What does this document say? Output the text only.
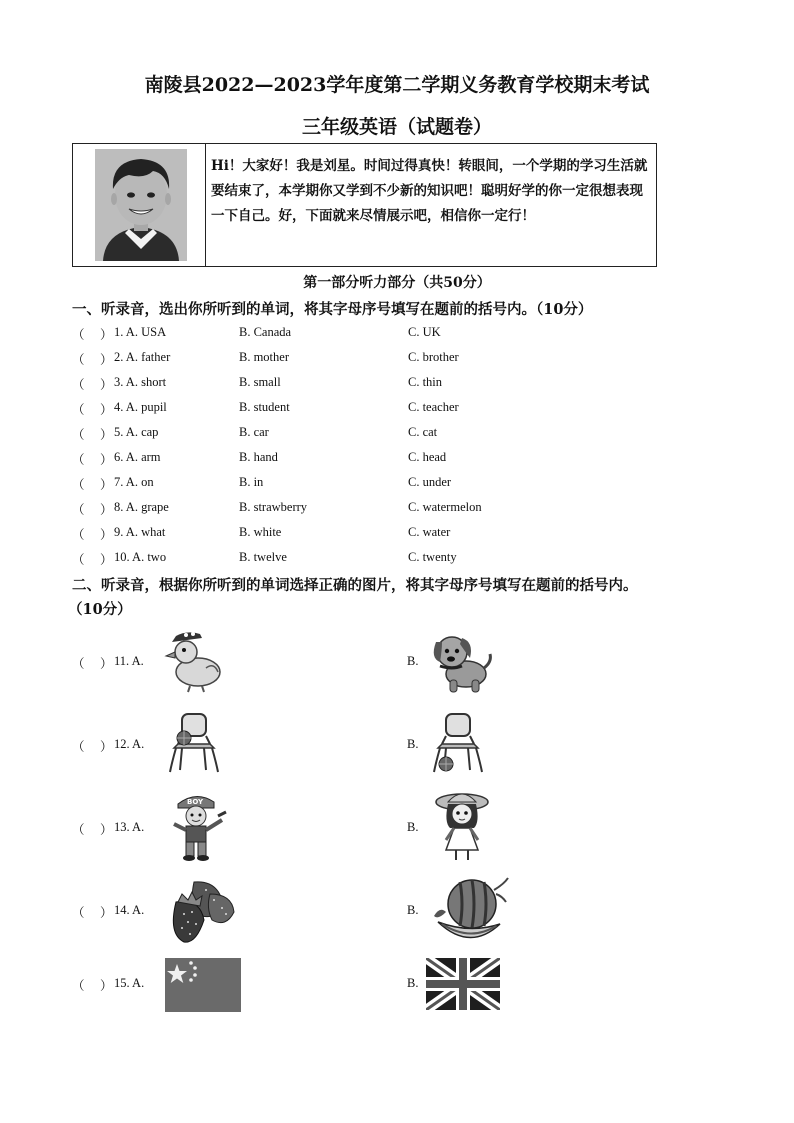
南陵县2022—2023学年度第二学期义务教育学校期末考试
三年级英语（试题卷）
Hi！大家好！我是刘星。时间过得真快！转眼间，一个学期的学习生活就要结束了，本学期你又学到不少新的知识吧！聪明好学的你一定很想表现一下自己。好，下面就来尽情展示吧，相信你一定行！
第一部分听力部分（共50分）
一、听录音，选出你所听到的单词，将其字母序号填写在题前的括号内。（10分）
（ ） 1. A. USA	B. Canada	C. UK
（ ） 2. A. father	B. mother	C. brother
（ ） 3. A. short	B. small	C. thin
（ ） 4. A. pupil	B. student	C. teacher
（ ） 5. A. cap	B. car	C. cat
（ ） 6. A. arm	B. hand	C. head
（ ） 7. A. on	B. in	C. under
（ ） 8. A. grape	B. strawberry	C. watermelon
（ ） 9. A. what	B. white	C. water
（ ） 10. A. two	B. twelve	C. twenty
二、听录音，根据你所听到的单词选择正确的图片，将其字母序号填写在题前的括号内。
（10分）
（ ） 11. A.	B.
（ ） 12. A.	B.
（ ） 13. A.	B.
BOY
（ ） 14. A.	B.
（ ） 15. A.	B.
